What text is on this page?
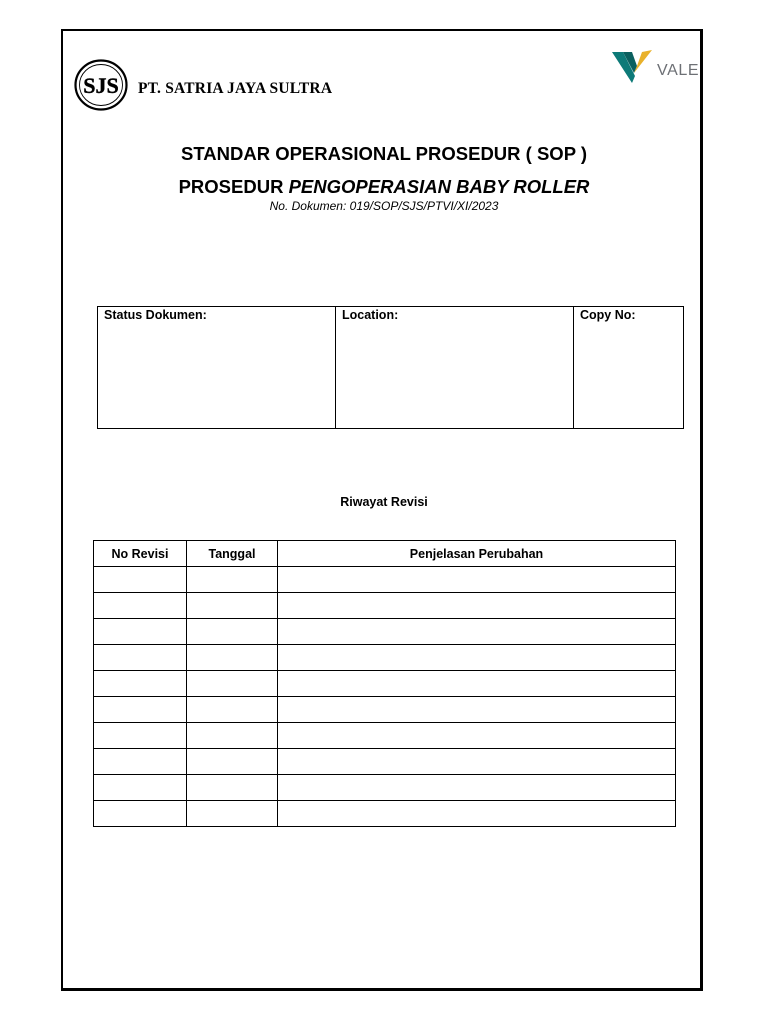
SJS PT. SATRIA JAYA SULTRA
VALE
STANDAR OPERASIONAL PROSEDUR ( SOP )
PROSEDUR PENGOPERASIAN BABY ROLLER
No. Dokumen: 019/SOP/SJS/PTVI/XI/2023
Status Dokumen:	Location:	Copy No:
Riwayat Revisi
No Revisi	Tanggal	Penjelasan Perubahan
